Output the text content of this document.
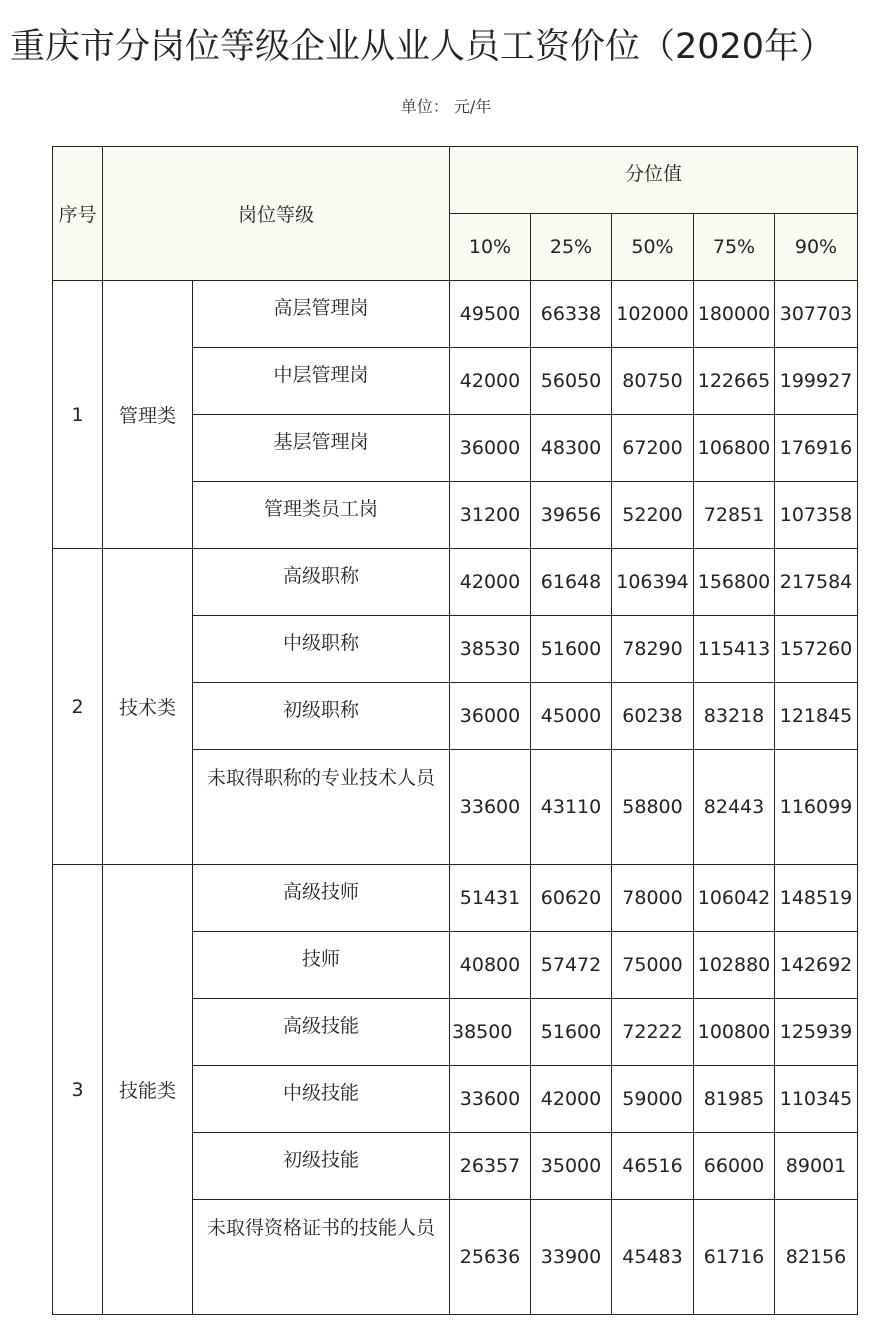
重庆市分岗位等级企业从业人员工资价位（2020年）
单位： 元/年
序号	岗位等级		分位值				
			10%	25%	50%	75%	90%
1	管理类	高层管理岗	49500	66338	102000	180000	307703
		中层管理岗	42000	56050	80750	122665	199927
		基层管理岗	36000	48300	67200	106800	176916
		管理类员工岗	31200	39656	52200	72851	107358
2	技术类	高级职称	42000	61648	106394	156800	217584
		中级职称	38530	51600	78290	115413	157260
		初级职称	36000	45000	60238	83218	121845
		未取得职称的专业技术人员	33600	43110	58800	82443	116099
3	技能类	高级技师	51431	60620	78000	106042	148519
		技师	40800	57472	75000	102880	142692
		高级技能	38500	51600	72222	100800	125939
		中级技能	33600	42000	59000	81985	110345
		初级技能	26357	35000	46516	66000	89001
		未取得资格证书的技能人员	25636	33900	45483	61716	82156
